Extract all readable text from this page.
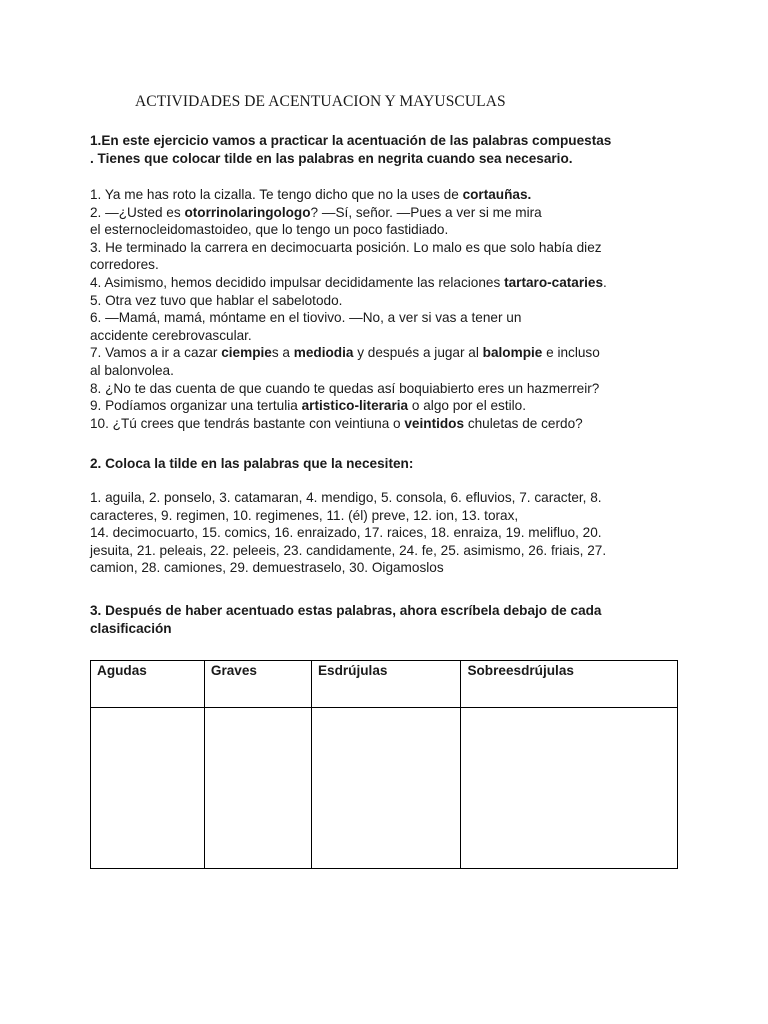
ACTIVIDADES DE ACENTUACION Y MAYUSCULAS
1.En este ejercicio vamos a practicar la acentuación de las palabras compuestas
. Tienes que colocar tilde en las palabras en negrita cuando sea necesario.
1. Ya me has roto la cizalla. Te tengo dicho que no la uses de cortauñas.
2. —¿Usted es otorrinolaringologo? —Sí, señor. —Pues a ver si me mira
el esternocleidomastoideo, que lo tengo un poco fastidiado.
3. He terminado la carrera en decimocuarta posición. Lo malo es que solo había diez
corredores.
4. Asimismo, hemos decidido impulsar decididamente las relaciones tartaro-cataries.
5. Otra vez tuvo que hablar el sabelotodo.
6. —Mamá, mamá, móntame en el tiovivo. —No, a ver si vas a tener un
accidente cerebrovascular.
7. Vamos a ir a cazar ciempies a mediodia y después a jugar al balompie e incluso
al balonvolea.
8. ¿No te das cuenta de que cuando te quedas así boquiabierto eres un hazmerreir?
9. Podíamos organizar una tertulia artistico-literaria o algo por el estilo.
10. ¿Tú crees que tendrás bastante con veintiuna o veintidos chuletas de cerdo?
2. Coloca la tilde en las palabras que la necesiten:
1. aguila, 2. ponselo, 3. catamaran, 4. mendigo, 5. consola, 6. efluvios, 7. caracter, 8.
caracteres, 9. regimen, 10. regimenes, 11. (él) preve, 12. ion, 13. torax,
14. decimocuarto, 15. comics, 16. enraizado, 17. raices, 18. enraiza, 19. melifluo, 20.
jesuita, 21. peleais, 22. peleeis, 23. candidamente, 24. fe, 25. asimismo, 26. friais, 27.
camion, 28. camiones, 29. demuestraselo, 30. Oigamoslos
3. Después de haber acentuado estas palabras, ahora escríbela debajo de cada
clasificación
Agudas	Graves	Esdrújulas	Sobreesdrújulas
